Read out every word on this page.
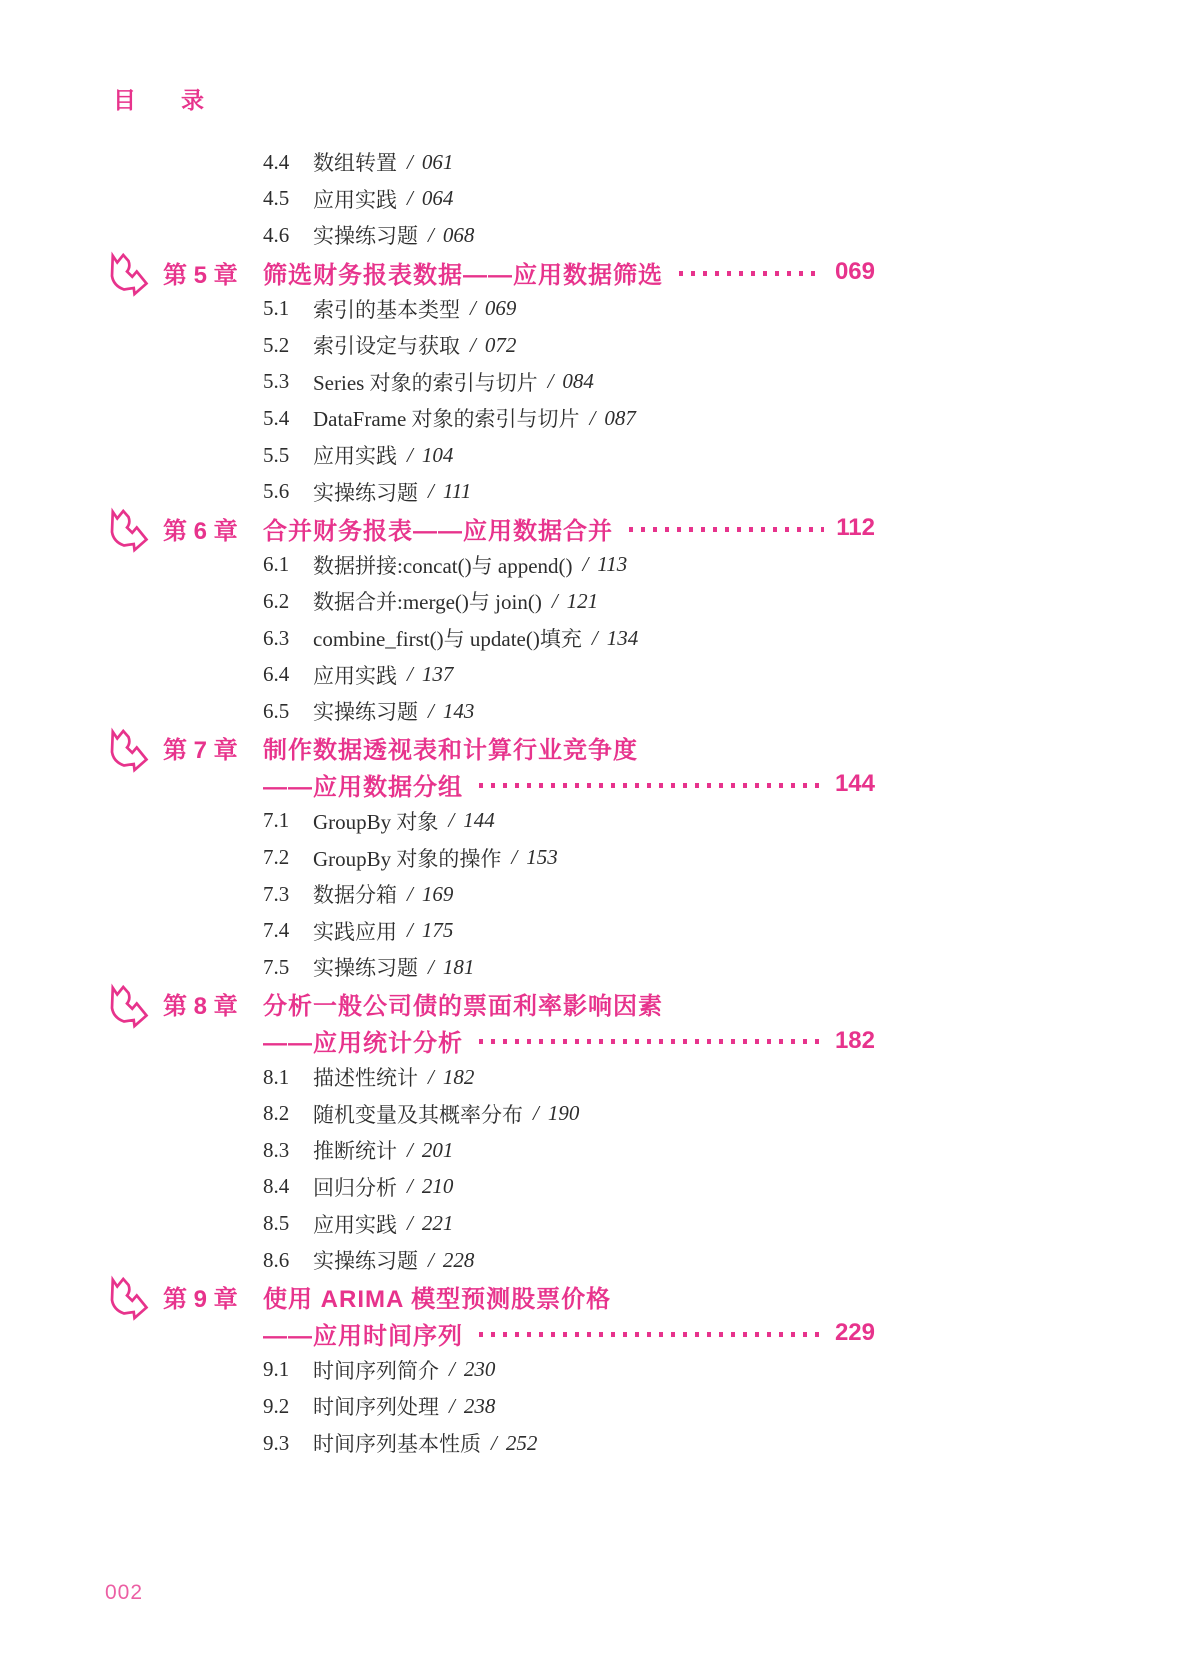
目　录
4.4	数组转置 / 061
4.5	应用实践 / 064
4.6	实操练习题 / 068
第 5 章	筛选财务报表数据——应用数据筛选	069
5.1	索引的基本类型 / 069
5.2	索引设定与获取 / 072
5.3	Series 对象的索引与切片 / 084
5.4	DataFrame 对象的索引与切片 / 087
5.5	应用实践 / 104
5.6	实操练习题 / 111
第 6 章	合并财务报表——应用数据合并	112
6.1	数据拼接:concat()与 append() / 113
6.2	数据合并:merge()与 join() / 121
6.3	combine_first()与 update()填充 / 134
6.4	应用实践 / 137
6.5	实操练习题 / 143
第 7 章	制作数据透视表和计算行业竞争度
——应用数据分组	144
7.1	GroupBy 对象 / 144
7.2	GroupBy 对象的操作 / 153
7.3	数据分箱 / 169
7.4	实践应用 / 175
7.5	实操练习题 / 181
第 8 章	分析一般公司债的票面利率影响因素
——应用统计分析	182
8.1	描述性统计 / 182
8.2	随机变量及其概率分布 / 190
8.3	推断统计 / 201
8.4	回归分析 / 210
8.5	应用实践 / 221
8.6	实操练习题 / 228
第 9 章	使用 ARIMA 模型预测股票价格
——应用时间序列	229
9.1	时间序列简介 / 230
9.2	时间序列处理 / 238
9.3	时间序列基本性质 / 252
002
